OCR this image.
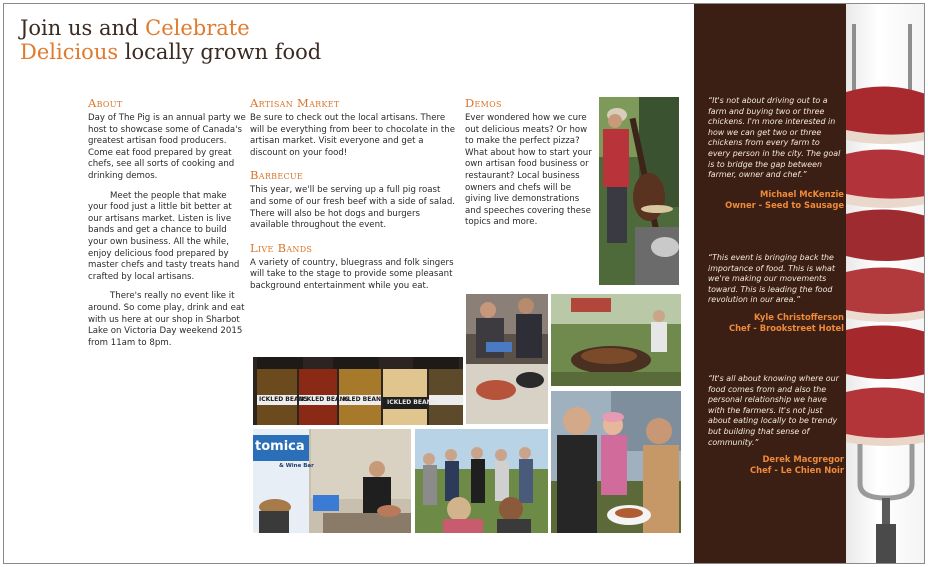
Join us and Celebrate
Delicious locally grown food
About

Day of The Pig is an annual party we host to showcase some of Canada's greatest artisan food producers. Come eat food prepared by great chefs, see all sorts of cooking and drinking demos.

Meet the people that make your food just a little bit better at our artisans market. Listen is live bands and get a chance to build your own business. All the while, enjoy delicious food prepared by master chefs and tasty treats hand crafted by local artisans.

There's really no event like it around. So come play, drink and eat with us here at our shop in Sharbot Lake on Victoria Day weekend 2015 from 11am to 8pm.

Artisan Market
Be sure to check out the local artisans. There will be everything from beer to chocolate in the artisan market. Visit everyone and get a discount on your food!
Barbecue
This year, we'll be serving up a full pig roast and some of our fresh beef with a side of salad. There will also be hot dogs and burgers available throughout the event.
Live Bands
A variety of country, bluegrass and folk singers will take to the stage to provide some pleasant background entertainment while you eat.
Demos
Ever wondered how we cure out delicious meats? Or how to make the perfect pizza? What about how to start your own artisan food business or restaurant? Local business owners and chefs will be giving live demonstrations and speeches covering these topics and more.
ICKLED BEANS
ICKLED BEANS
KLED BEAN ICKLED BEANS
tomica
& Wine Bar
“It's not about driving out to a farm and buying two or three chickens. I'm more interested in how we can get two or three chickens from every farm to every person in the city. The goal is to bridge the gap between farmer, owner and chef.”
Michael McKenzie
Owner - Seed to Sausage
“This event is bringing back the importance of food. This is what we're making our movements toward. This is leading the food revolution in our area.”
Kyle Christofferson
Chef - Brookstreet Hotel
“It's all about knowing where our food comes from and also the personal relationship we have with the farmers. It's not just about eating locally to be trendy but building that sense of community.”
Derek Macgregor
Chef - Le Chien Noir
